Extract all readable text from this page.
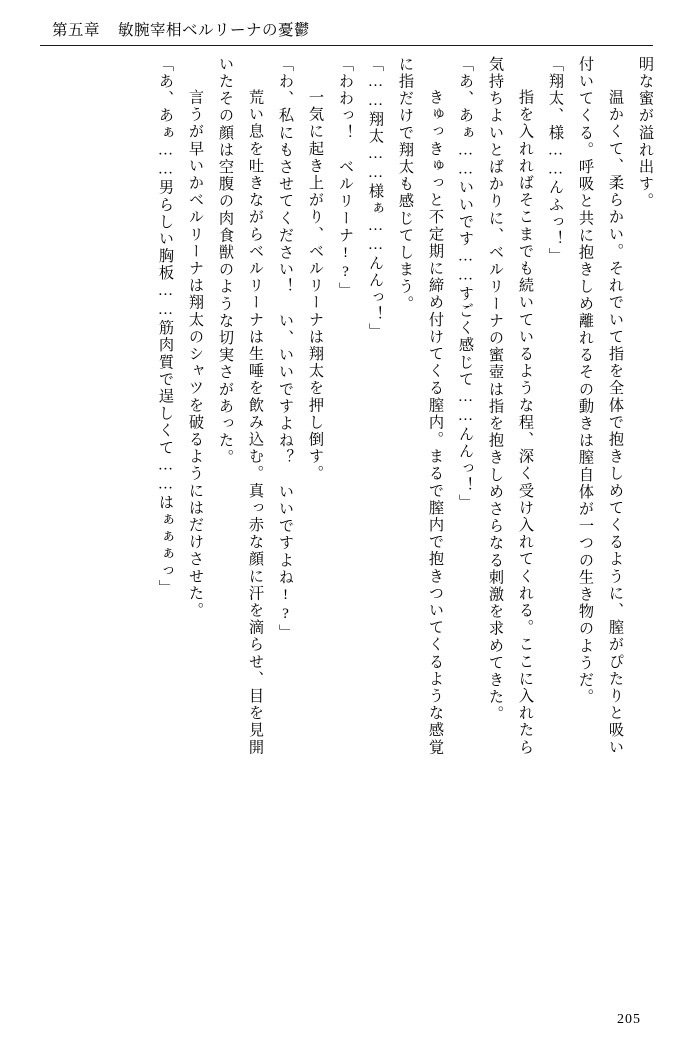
第五章 敏腕宰相ベルリーナの憂鬱
明な蜜が溢れ出す。
　温かくて、柔らかい。それでいて指を全体で抱きしめてくるように、膣がぴたりと吸い
付いてくる。呼吸と共に抱きしめ離れるその動きは膣自体が一つの生き物のようだ。
「翔太、様……んふっ！」
　指を入れればそこまでも続いているような程、深く受け入れてくれる。ここに入れたら
気持ちよいとばかりに、ベルリーナの蜜壺は指を抱きしめさらなる刺激を求めてきた。
「あ、あぁ……いいです……すごく感じて……んんっ！」
　きゅっきゅっと不定期に締め付けてくる膣内。まるで膣内で抱きついてくるような感覚
に指だけで翔太も感じてしまう。
「……翔太……様ぁ……んんっ！」
「わわっ！　ベルリーナ!?」
　一気に起き上がり、ベルリーナは翔太を押し倒す。
「わ、私にもさせてください！　い、いいですよね？　いいですよね!?」
　荒い息を吐きながらベルリーナは生唾を飲み込む。真っ赤な顔に汗を滴らせ、目を見開
いたその顔は空腹の肉食獣のような切実さがあった。
　言うが早いかベルリーナは翔太のシャツを破るようにはだけさせた。
「あ、あぁ……男らしい胸板……筋肉質で逞しくて……はぁぁぁっ」
205
